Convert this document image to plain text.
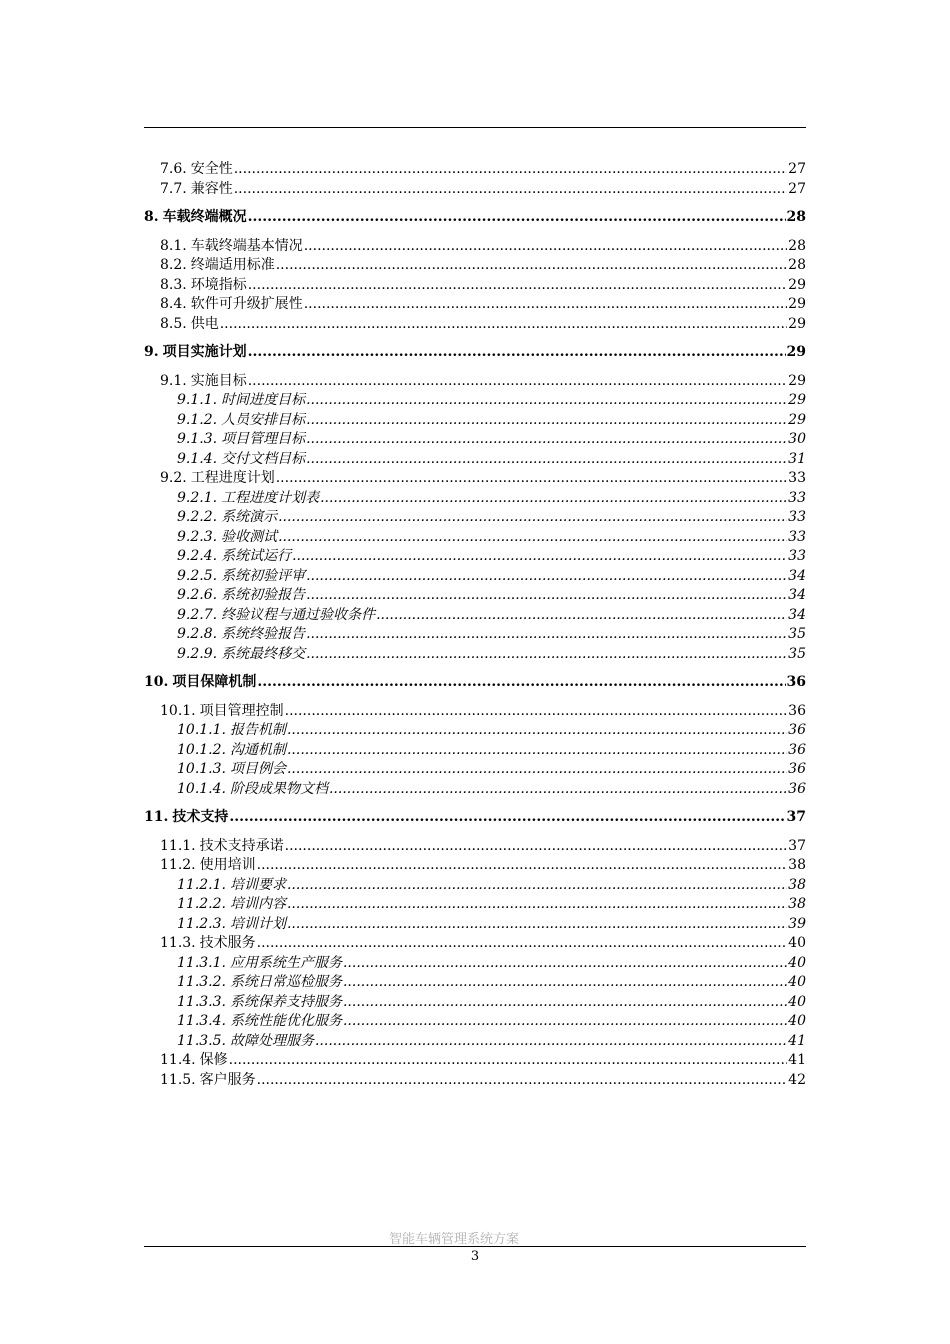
7.6. 安全性 .....	27
7.7. 兼容性 .....	27
8. 车载终端概况 .....	28
8.1. 车载终端基本情况 .....	28
8.2. 终端适用标准 .....	28
8.3. 环境指标 .....	29
8.4. 软件可升级扩展性 .....	29
8.5. 供电 .....	29
9. 项目实施计划 .....	29
9.1. 实施目标 .....	29
9.1.1. 时间进度目标 .....	29
9.1.2. 人员安排目标 .....	29
9.1.3. 项目管理目标 .....	30
9.1.4. 交付文档目标 .....	31
9.2. 工程进度计划 .....	33
9.2.1. 工程进度计划表 .....	33
9.2.2. 系统演示 .....	33
9.2.3. 验收测试 .....	33
9.2.4. 系统试运行 .....	33
9.2.5. 系统初验评审 .....	34
9.2.6. 系统初验报告 .....	34
9.2.7. 终验议程与通过验收条件 .....	34
9.2.8. 系统终验报告 .....	35
9.2.9. 系统最终移交 .....	35
10. 项目保障机制 .....	36
10.1. 项目管理控制 .....	36
10.1.1. 报告机制 .....	36
10.1.2. 沟通机制 .....	36
10.1.3. 项目例会 .....	36
10.1.4. 阶段成果物文档 .....	36
11. 技术支持 .....	37
11.1. 技术支持承诺 .....	37
11.2. 使用培训 .....	38
11.2.1. 培训要求 .....	38
11.2.2. 培训内容 .....	38
11.2.3. 培训计划 .....	39
11.3. 技术服务 .....	40
11.3.1. 应用系统生产服务 .....	40
11.3.2. 系统日常巡检服务 .....	40
11.3.3. 系统保养支持服务 .....	40
11.3.4. 系统性能优化服务 .....	40
11.3.5. 故障处理服务 .....	41
11.4. 保修 .....	41
11.5. 客户服务 .....	42
智能车辆管理系统方案
3
